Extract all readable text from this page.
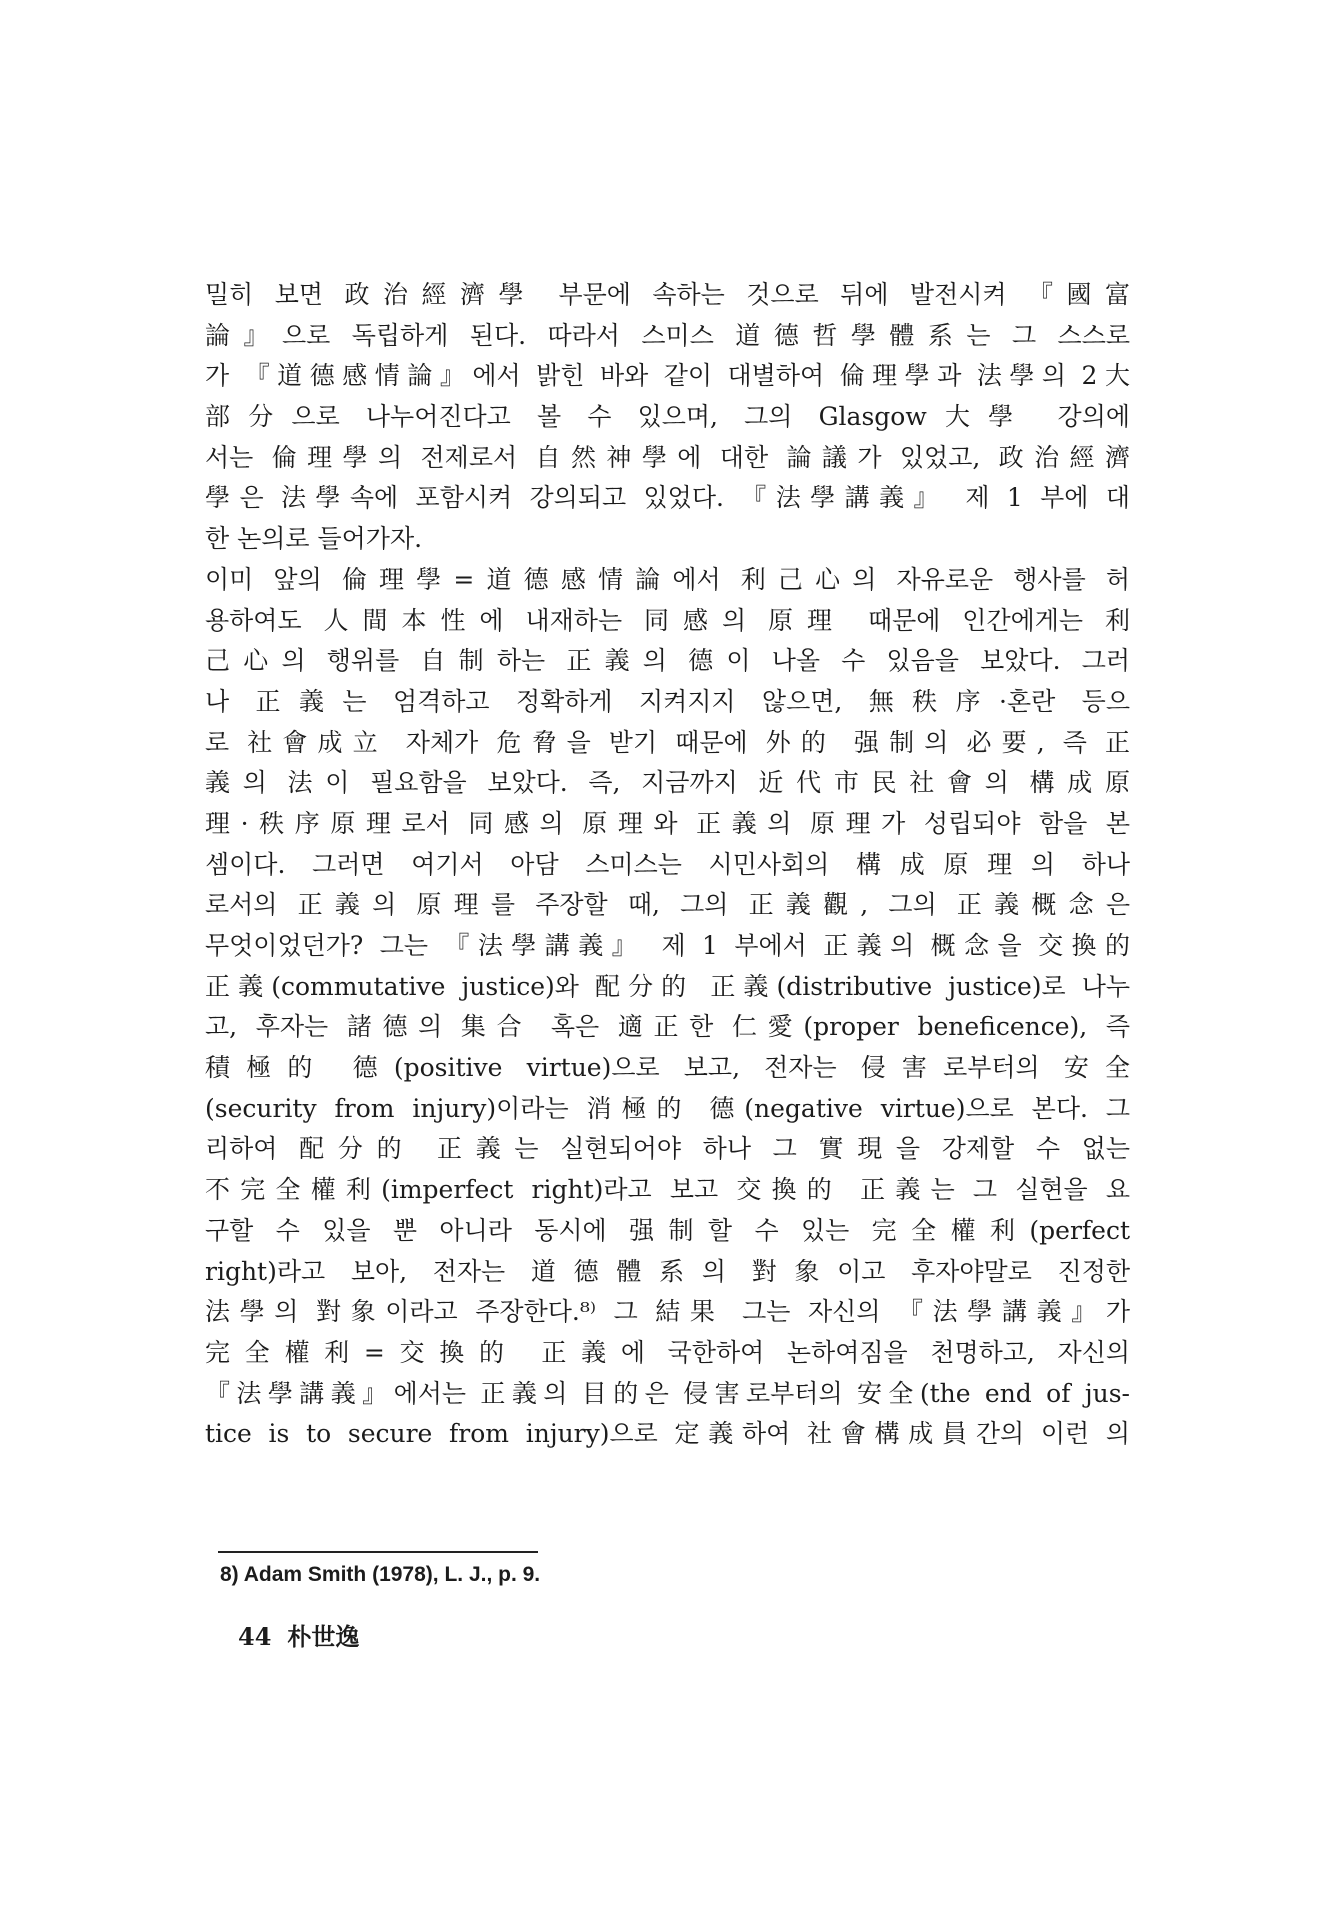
밀히 보면 政治經濟學 부문에 속하는 것으로 뒤에 발전시켜 『國富
論』으로 독립하게 된다. 따라서 스미스 道德哲學體系는 그 스스로
가 『道德感情論』에서 밝힌 바와 같이 대별하여 倫理學과 法學의 2大
部分으로 나누어진다고 볼 수 있으며, 그의 Glasgow大學 강의에
서는 倫理學의 전제로서 自然神學에 대한 論議가 있었고, 政治經濟
學은 法學속에 포함시켜 강의되고 있었다. 『法學講義』 제 1 부에 대
한 논의로 들어가자.
이미 앞의 倫理學=道德感情論에서 利己心의 자유로운 행사를 허
용하여도 人間本性에 내재하는 同感의 原理 때문에 인간에게는 利
己心의 행위를 自制하는 正義의 德이 나올 수 있음을 보았다. 그러
나 正義는 엄격하고 정확하게 지켜지지 않으면, 無秩序·혼란 등으
로 社會成立 자체가 危脅을 받기 때문에 外的 强制의 必要, 즉 正
義의 法이 필요함을 보았다. 즉, 지금까지 近代市民社會의 構成原
理·秩序原理로서 同感의 原理와 正義의 原理가 성립되야 함을 본
셈이다. 그러면 여기서 아담 스미스는 시민사회의 構成原理의 하나
로서의 正義의 原理를 주장할 때, 그의 正義觀, 그의 正義概念은
무엇이었던가? 그는 『法學講義』 제 1 부에서 正義의 概念을 交換的
正義(commutative justice)와 配分的 正義(distributive justice)로 나누
고, 후자는 諸德의 集合 혹은 適正한 仁愛(proper beneficence), 즉
積極的 德(positive virtue)으로 보고, 전자는 侵害로부터의 安全
(security from injury)이라는 消極的 德(negative virtue)으로 본다. 그
리하여 配分的 正義는 실현되어야 하나 그 實現을 강제할 수 없는
不完全權利(imperfect right)라고 보고 交換的 正義는 그 실현을 요
구할 수 있을 뿐 아니라 동시에 强制할 수 있는 完全權利(perfect
right)라고 보아, 전자는 道德體系의 對象이고 후자야말로 진정한
法學의 對象이라고 주장한다.⁸⁾ 그 結果 그는 자신의 『法學講義』가
完全權利=交換的 正義에 국한하여 논하여짐을 천명하고, 자신의
『法學講義』에서는 正義의 目的은 侵害로부터의 安全(the end of jus-
tice is to secure from injury)으로 定義하여 社會構成員간의 이런 의
8) Adam Smith (1978), L. J., p. 9.
44 朴世逸
